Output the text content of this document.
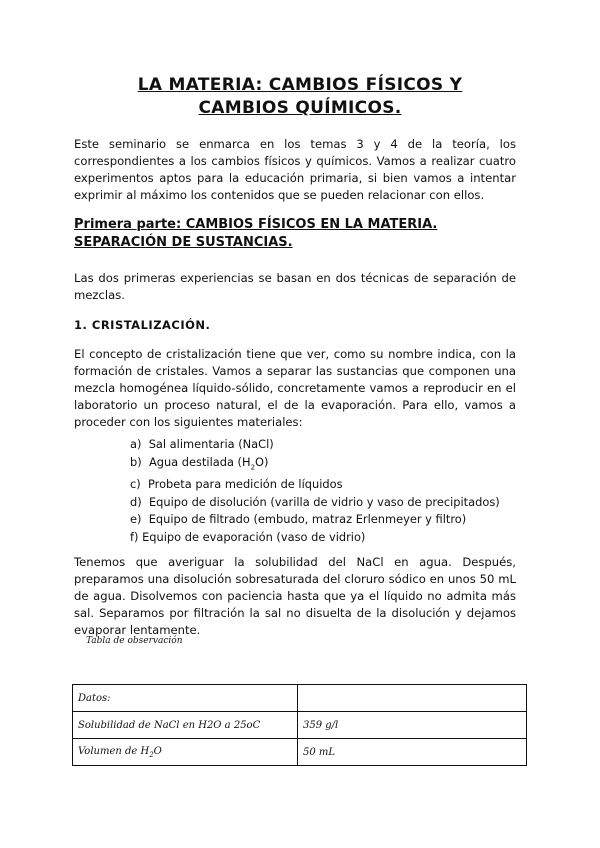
LA MATERIA: CAMBIOS FÍSICOS Y
CAMBIOS QUÍMICOS.
Este seminario se enmarca en los temas 3 y 4 de la teoría, los correspondientes a los cambios físicos y químicos. Vamos a realizar cuatro experimentos aptos para la educación primaria, si bien vamos a intentar exprimir al máximo los contenidos que se pueden relacionar con ellos.
Primera parte: CAMBIOS FÍSICOS EN LA MATERIA.
SEPARACIÓN DE SUSTANCIAS.
Las dos primeras experiencias se basan en dos técnicas de separación de mezclas.
1. CRISTALIZACIÓN.
El concepto de cristalización tiene que ver, como su nombre indica, con la formación de cristales. Vamos a separar las sustancias que componen una mezcla homogénea líquido-sólido, concretamente vamos a reproducir en el laboratorio un proceso natural, el de la evaporación. Para ello, vamos a proceder con los siguientes materiales:
a) Sal alimentaria (NaCl)
b) Agua destilada $(H_2O)$
c) Probeta para medición de líquidos
d) Equipo de disolución (varilla de vidrio y vaso de precipitados)
e) Equipo de filtrado (embudo, matraz Erlenmeyer y filtro)
f) Equipo de evaporación (vaso de vidrio)
Tenemos que averiguar la solubilidad del NaCl en agua. Después, preparamos una disolución sobresaturada del cloruro sódico en unos 50 mL de agua. Disolvemos con paciencia hasta que ya el líquido no admita más sal. Separamos por filtración la sal no disuelta de la disolución y dejamos evaporar lentamente.
Tabla de observación
Datos:	
Solubilidad de NaCl en H2O a 25oC	359 g/l
Volumen de $H_2O$	50 mL
